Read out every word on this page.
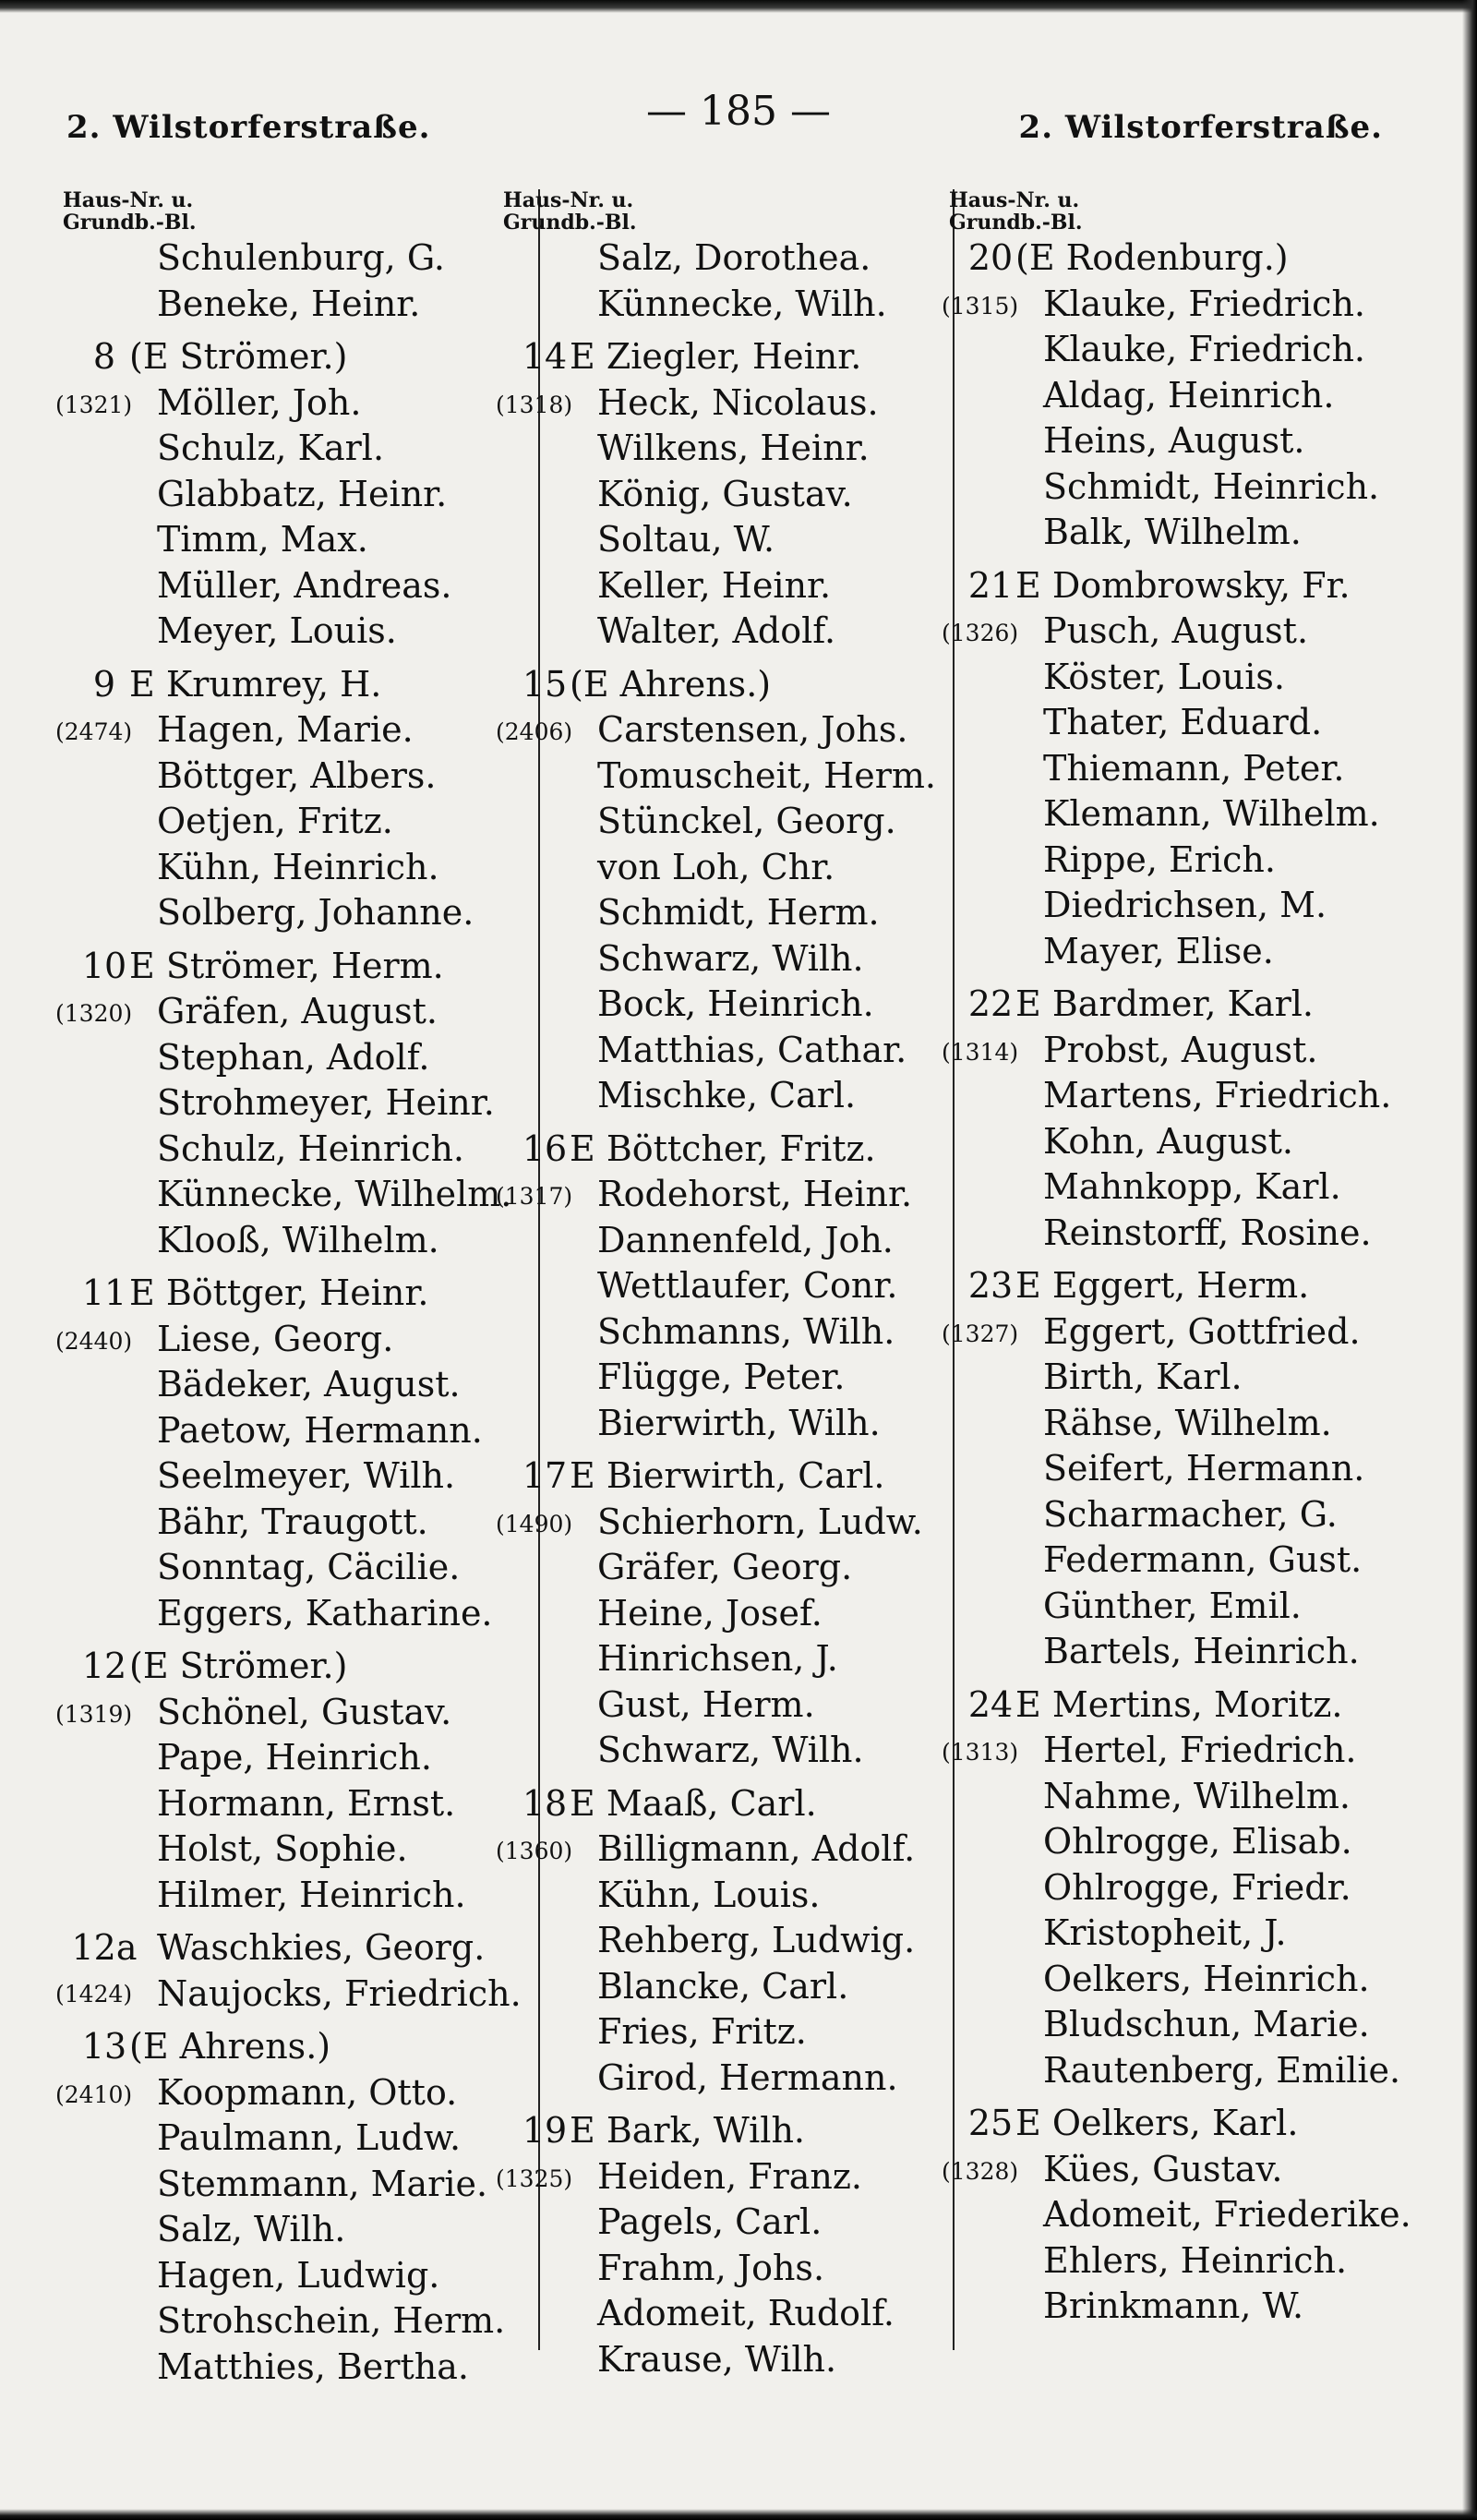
2. Wilstorferstraße.	— 185 —	2. Wilstorferstraße.
Haus-Nr. u.
Grundb.-Bl.
Schulenburg, G.
Beneke, Heinr.
8 (E Strömer.)
(1321) Möller, Joh.
Schulz, Karl.
Glabbatz, Heinr.
Timm, Max.
Müller, Andreas.
Meyer, Louis.
9 E Krumrey, H.
(2474) Hagen, Marie.
Böttger, Albers.
Oetjen, Fritz.
Kühn, Heinrich.
Solberg, Johanne.
10 E Strömer, Herm.
(1320) Gräfen, August.
Stephan, Adolf.
Strohmeyer, Heinr.
Schulz, Heinrich.
Künnecke, Wilhelm.
Klooß, Wilhelm.
11 E Böttger, Heinr.
(2440) Liese, Georg.
Bädeker, August.
Paetow, Hermann.
Seelmeyer, Wilh.
Bähr, Traugott.
Sonntag, Cäcilie.
Eggers, Katharine.
12 (E Strömer.)
(1319) Schönel, Gustav.
Pape, Heinrich.
Hormann, Ernst.
Holst, Sophie.
Hilmer, Heinrich.
(1424)
12a Waschkies, Georg.
Naujocks, Friedrich.
13 (E Ahrens.)
(2410) Koopmann, Otto.
Paulmann, Ludw.
Stemmann, Marie.
Salz, Wilh.
Hagen, Ludwig.
Strohschein, Herm.
Matthies, Bertha.
Haus-Nr. u.
Grundb.-Bl.
Salz, Dorothea.
Künnecke, Wilh.
14 E Ziegler, Heinr.
(1318) Heck, Nicolaus.
Wilkens, Heinr.
König, Gustav.
Soltau, W.
Keller, Heinr.
Walter, Adolf.
15 (E Ahrens.)
(2406) Carstensen, Johs.
Tomuscheit, Herm.
Stünckel, Georg.
von Loh, Chr.
Schmidt, Herm.
Schwarz, Wilh.
Bock, Heinrich.
Matthias, Cathar.
Mischke, Carl.
16 E Böttcher, Fritz.
(1317) Rodehorst, Heinr.
Dannenfeld, Joh.
Wettlaufer, Conr.
Schmanns, Wilh.
Flügge, Peter.
Bierwirth, Wilh.
17 E Bierwirth, Carl.
(1490) Schierhorn, Ludw.
Gräfer, Georg.
Heine, Josef.
Hinrichsen, J.
Gust, Herm.
Schwarz, Wilh.
18 E Maaß, Carl.
(1360) Billigmann, Adolf.
Kühn, Louis.
Rehberg, Ludwig.
Blancke, Carl.
Fries, Fritz.
Girod, Hermann.
19 E Bark, Wilh.
(1325) Heiden, Franz.
Pagels, Carl.
Frahm, Johs.
Adomeit, Rudolf.
Krause, Wilh.
Haus-Nr. u.
Grundb.-Bl.
20 (E Rodenburg.)
(1315) Klauke, Friedrich.
Klauke, Friedrich.
Aldag, Heinrich.
Heins, August.
Schmidt, Heinrich.
Balk, Wilhelm.
21 E Dombrowsky, Fr.
(1326) Pusch, August.
Köster, Louis.
Thater, Eduard.
Thiemann, Peter.
Klemann, Wilhelm.
Rippe, Erich.
Diedrichsen, M.
Mayer, Elise.
22 E Bardmer, Karl.
(1314) Probst, August.
Martens, Friedrich.
Kohn, August.
Mahnkopp, Karl.
Reinstorff, Rosine.
23 E Eggert, Herm.
(1327) Eggert, Gottfried.
Birth, Karl.
Rähse, Wilhelm.
Seifert, Hermann.
Scharmacher, G.
Federmann, Gust.
Günther, Emil.
Bartels, Heinrich.
24 E Mertins, Moritz.
(1313) Hertel, Friedrich.
Nahme, Wilhelm.
Ohlrogge, Elisab.
Ohlrogge, Friedr.
Kristopheit, J.
Oelkers, Heinrich.
Bludschun, Marie.
Rautenberg, Emilie.
25 E Oelkers, Karl.
(1328) Kües, Gustav.
Adomeit, Friederike.
Ehlers, Heinrich.
Brinkmann, W.
